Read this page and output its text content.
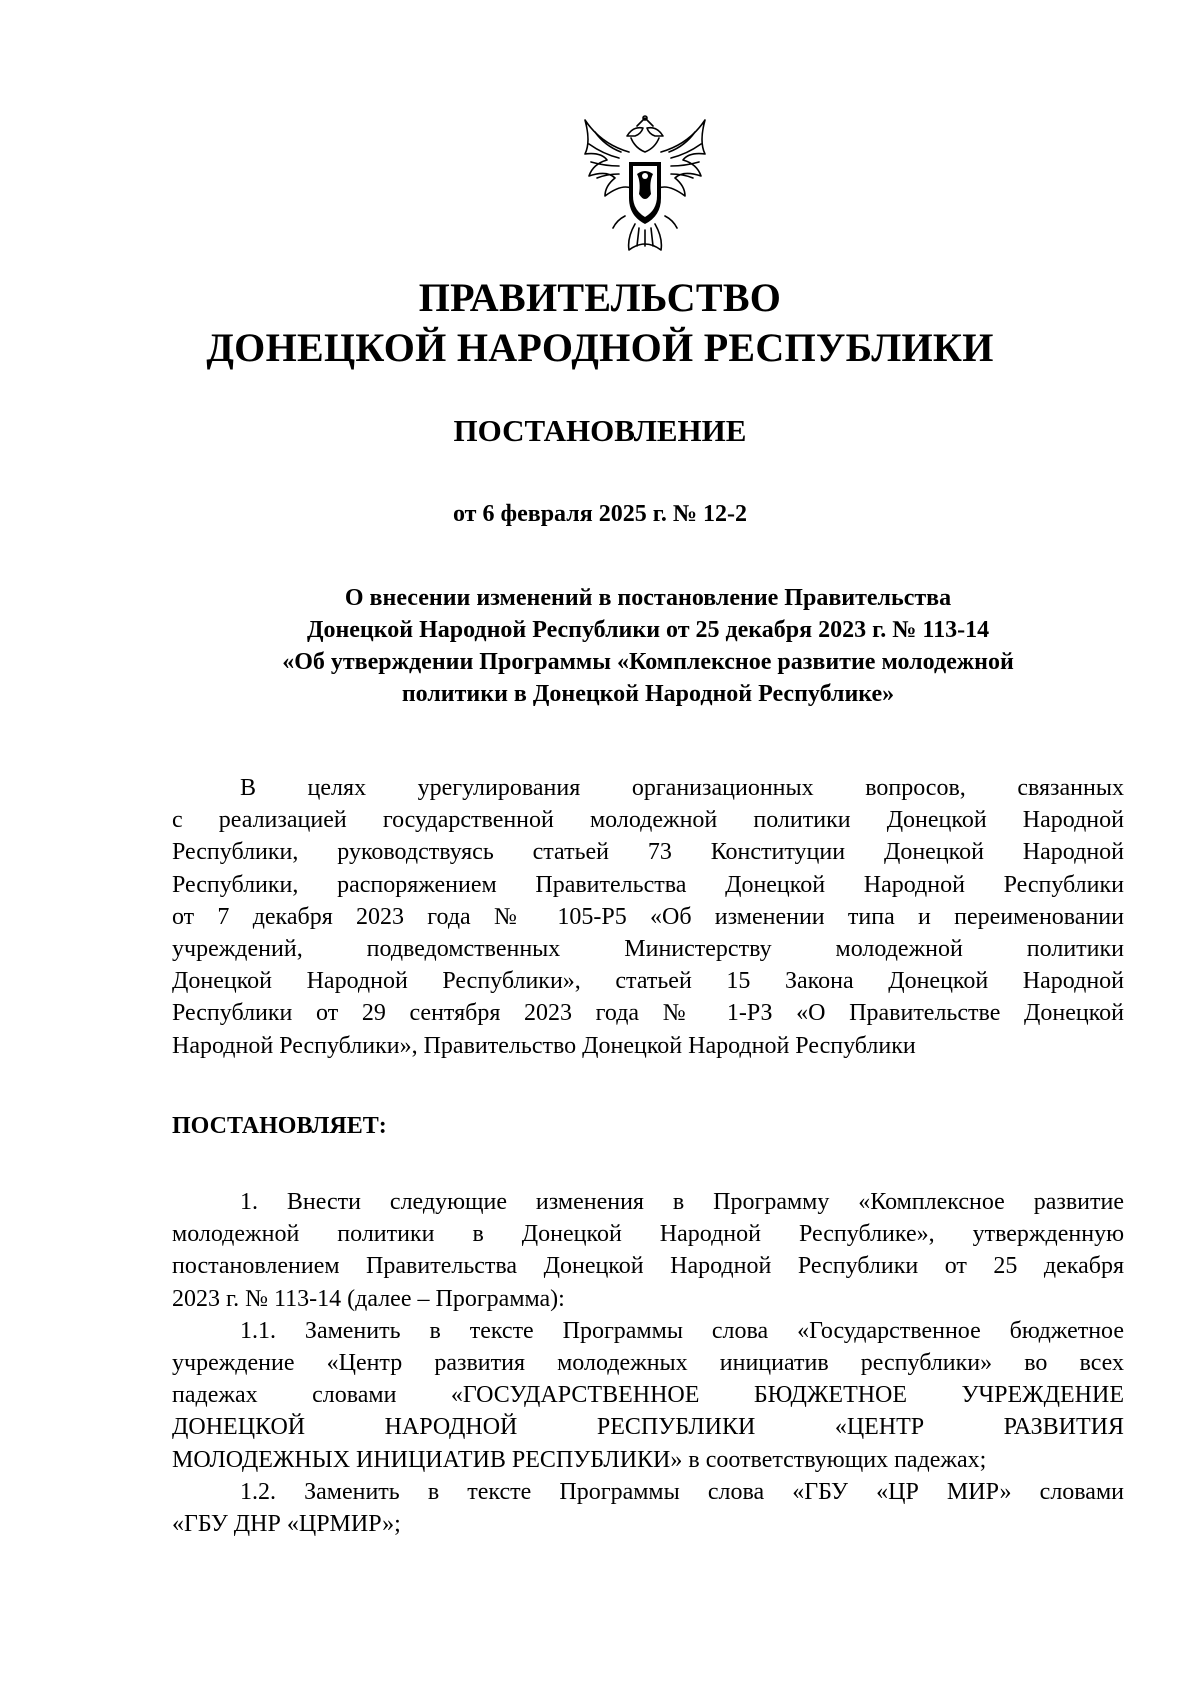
ПРАВИТЕЛЬСТВО
ДОНЕЦКОЙ НАРОДНОЙ РЕСПУБЛИКИ
ПОСТАНОВЛЕНИЕ
от 6 февраля 2025 г. № 12-2
О внесении изменений в постановление Правительства
Донецкой Народной Республики от 25 декабря 2023 г. № 113-14
«Об утверждении Программы «Комплексное развитие молодежной
политики в Донецкой Народной Республике»
В целях урегулирования организационных вопросов, связанных
с реализацией государственной молодежной политики Донецкой Народной
Республики, руководствуясь статьей 73 Конституции Донецкой Народной
Республики, распоряжением Правительства Донецкой Народной Республики
от 7 декабря 2023 года № 105-Р5 «Об изменении типа и переименовании
учреждений, подведомственных Министерству молодежной политики
Донецкой Народной Республики», статьей 15 Закона Донецкой Народной
Республики от 29 сентября 2023 года № 1-РЗ «О Правительстве Донецкой
Народной Республики», Правительство Донецкой Народной Республики
ПОСТАНОВЛЯЕТ:
1. Внести следующие изменения в Программу «Комплексное развитие
молодежной политики в Донецкой Народной Республике», утвержденную
постановлением Правительства Донецкой Народной Республики от 25 декабря
2023 г. № 113-14 (далее – Программа):
1.1. Заменить в тексте Программы слова «Государственное бюджетное
учреждение «Центр развития молодежных инициатив республики» во всех
падежах словами «ГОСУДАРСТВЕННОЕ БЮДЖЕТНОЕ УЧРЕЖДЕНИЕ
ДОНЕЦКОЙ НАРОДНОЙ РЕСПУБЛИКИ «ЦЕНТР РАЗВИТИЯ
МОЛОДЕЖНЫХ ИНИЦИАТИВ РЕСПУБЛИКИ» в соответствующих падежах;
1.2. Заменить в тексте Программы слова «ГБУ «ЦР МИР» словами
«ГБУ ДНР «ЦРМИР»;
